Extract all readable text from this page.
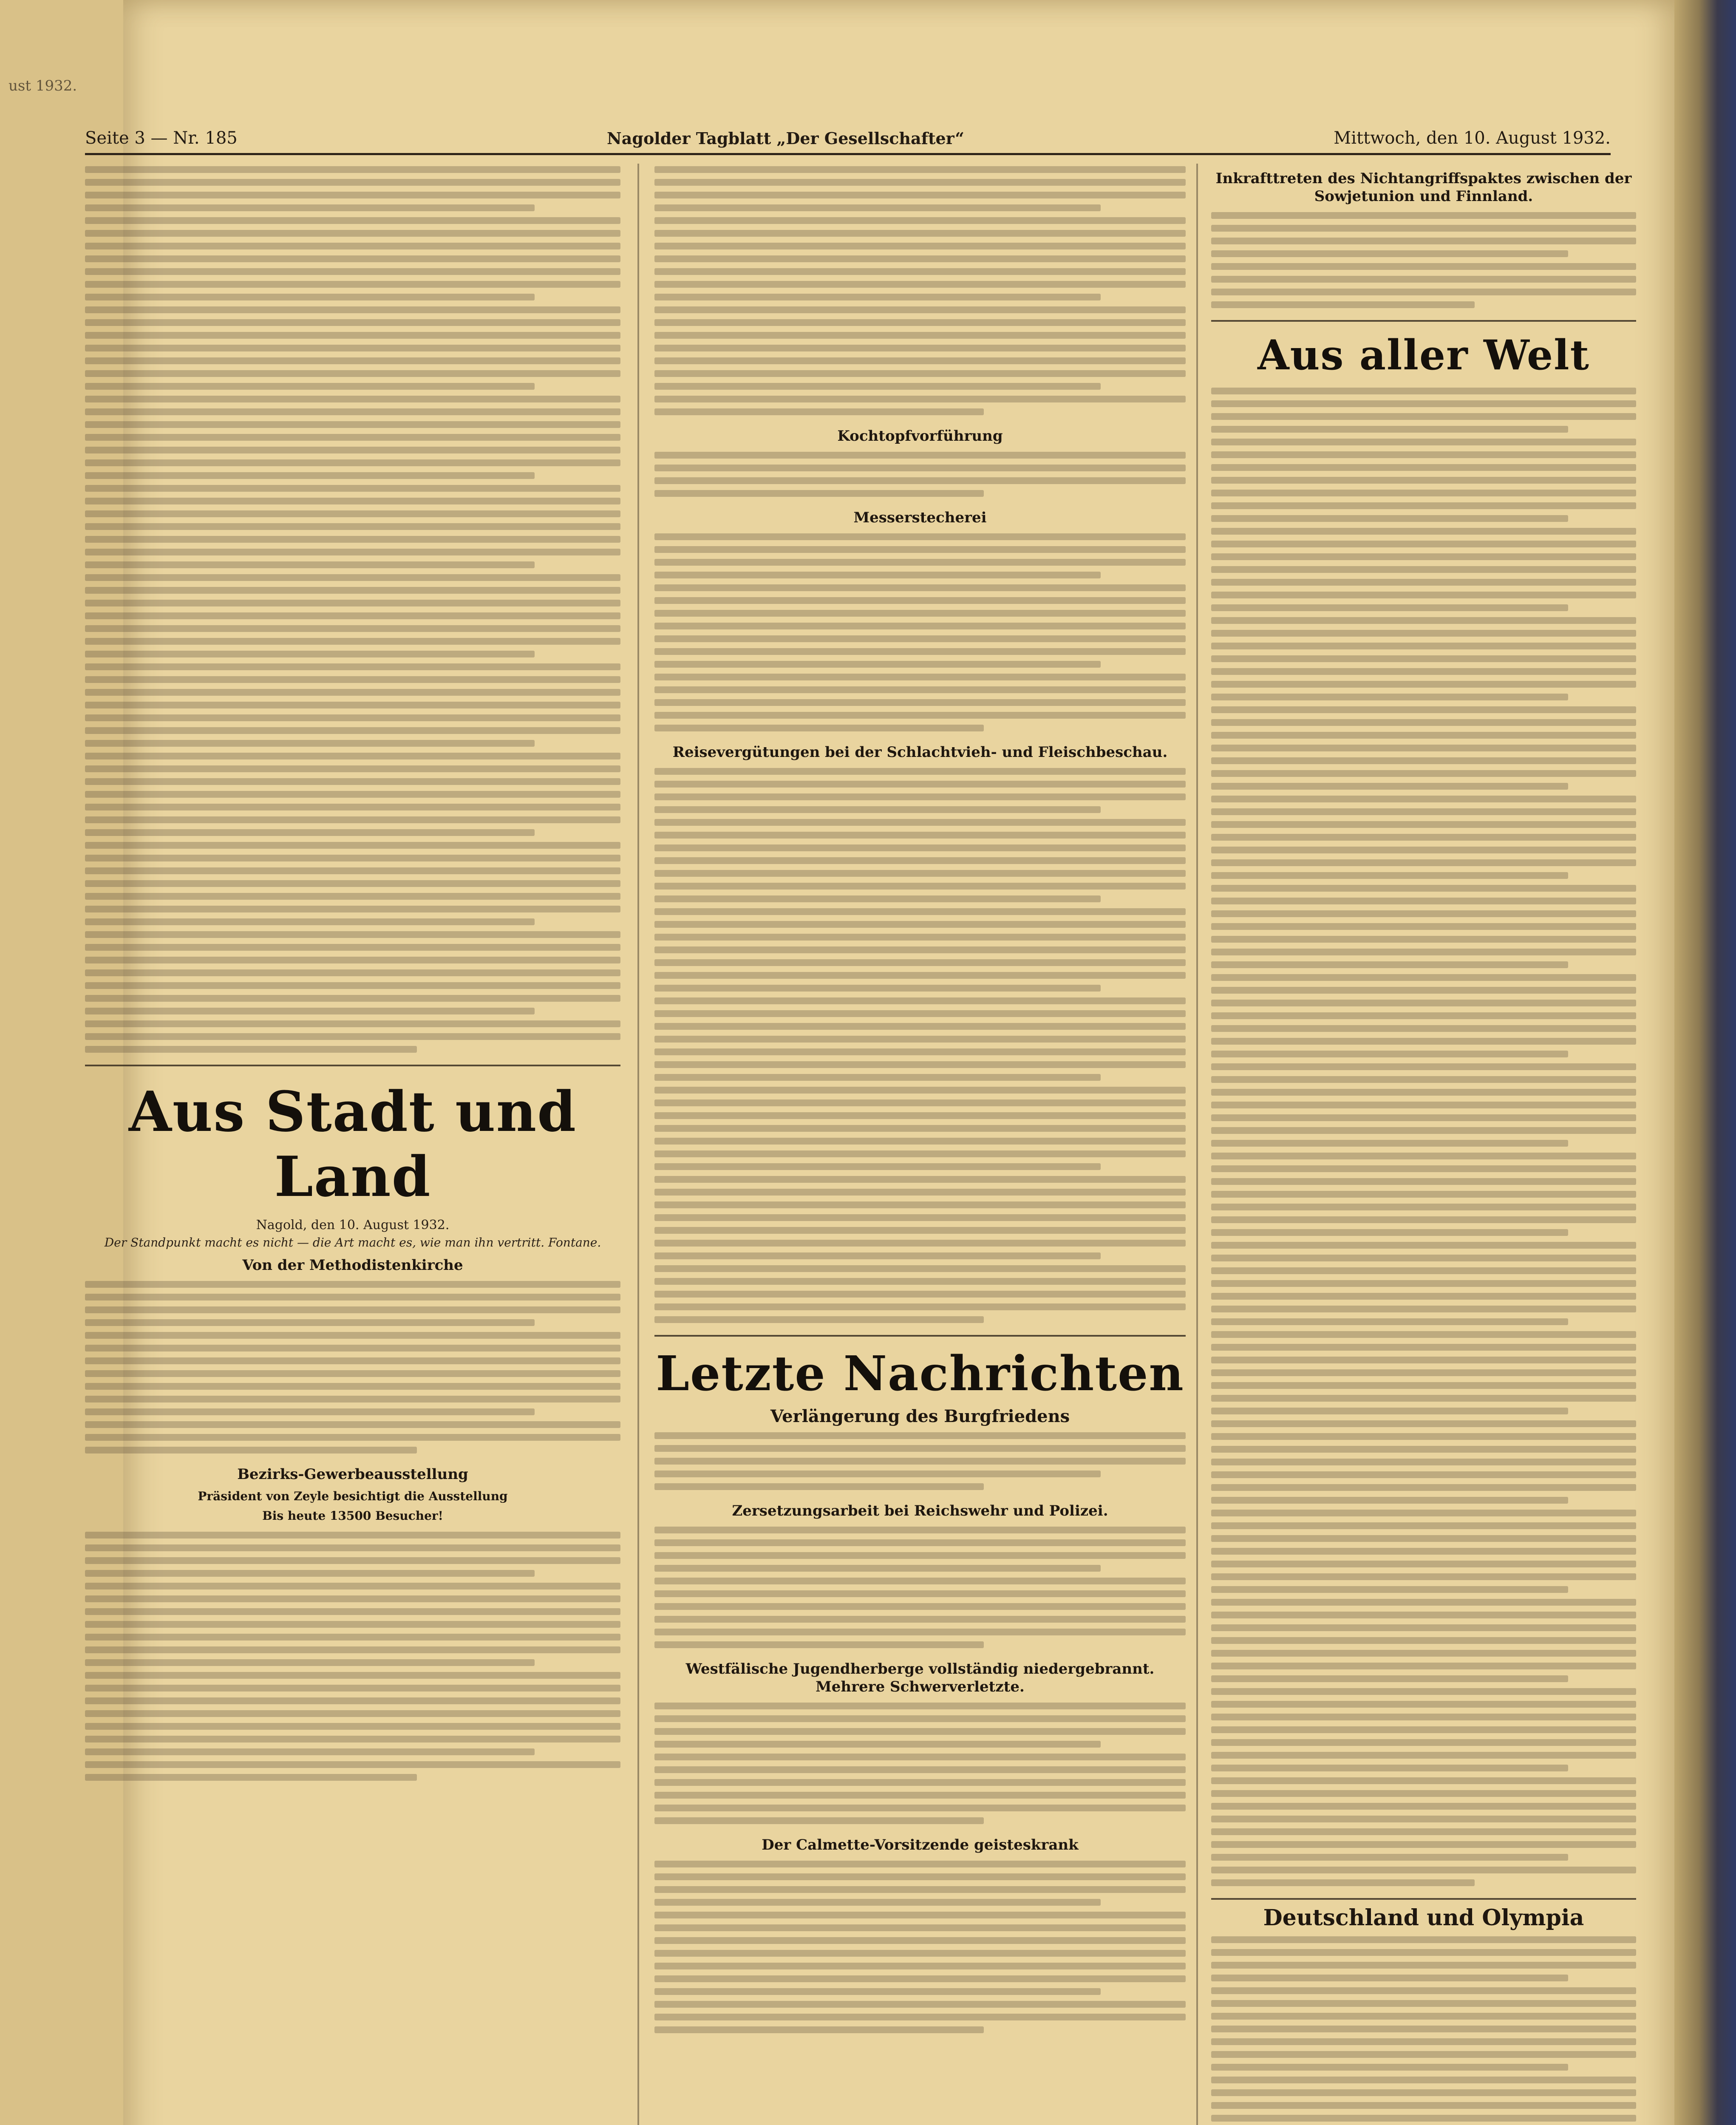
ust 1932.
Seite 3 — Nr. 185	Nagolder Tagblatt „Der Gesellschafter“	Mittwoch, den 10. August 1932.
Aus Stadt und Land
Nagold, den 10. August 1932.
Der Standpunkt macht es nicht — die Art macht es, wie man ihn vertritt. Fontane.
Von der Methodistenkirche
Bezirks-Gewerbeausstellung
Präsident von Zeyle besichtigt die Ausstellung
Bis heute 13500 Besucher!
Kochtopfvorführung
Messerstecherei
Reisevergütungen bei der Schlachtvieh- und Fleischbeschau.
Letzte Nachrichten
Verlängerung des Burgfriedens
Zersetzungsarbeit bei Reichswehr und Polizei.
Westfälische Jugendherberge vollständig niedergebrannt. Mehrere Schwerverletzte.
Der Calmette-Vorsitzende geisteskrank
Inkrafttreten des Nichtangriffspaktes zwischen der Sowjetunion und Finnland.
Aus aller Welt
Deutschland und Olympia
